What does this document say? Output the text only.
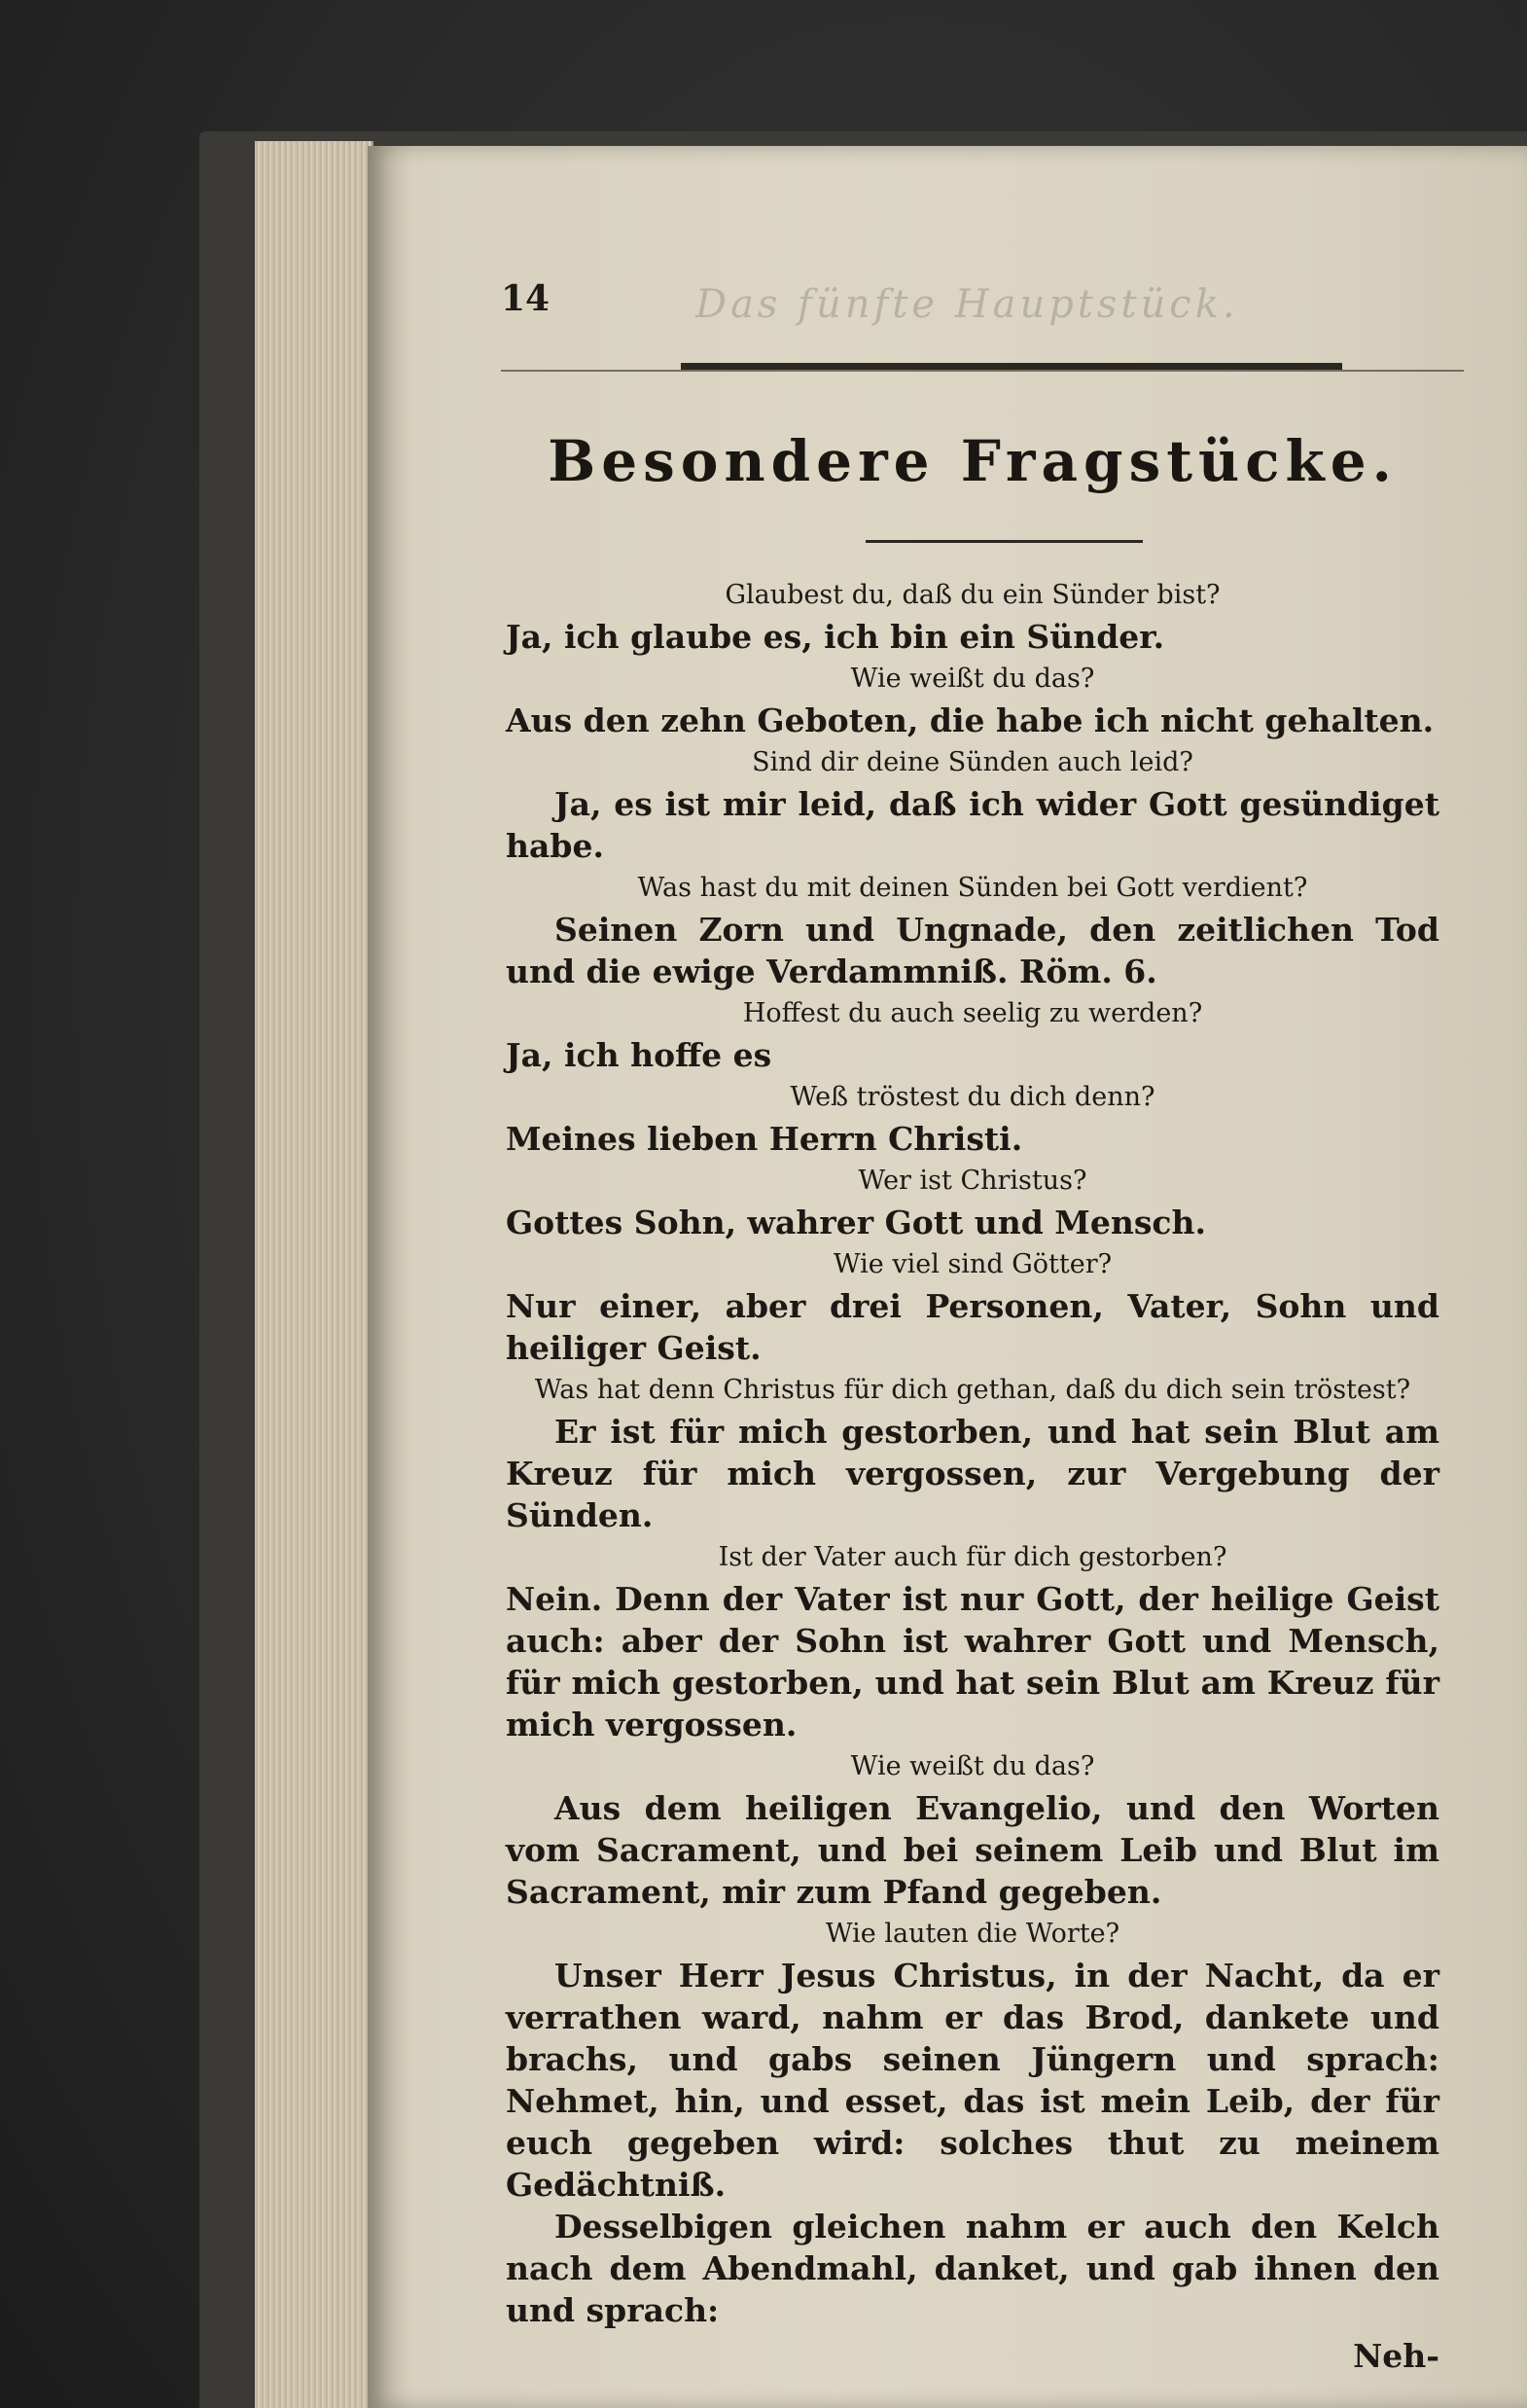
14	Das fünfte Hauptstück.
Besondere Fragstücke.

Glaubest du, daß du ein Sünder bist?

Ja, ich glaube es, ich bin ein Sünder.

Wie weißt du das?

Aus den zehn Geboten, die habe ich nicht gehalten.

Sind dir deine Sünden auch leid?

Ja, es ist mir leid, daß ich wider Gott gesündiget habe.

Was hast du mit deinen Sünden bei Gott verdient?

Seinen Zorn und Ungnade, den zeitlichen Tod und die ewige Verdammniß. Röm. 6.

Hoffest du auch seelig zu werden?

Ja, ich hoffe es

Weß tröstest du dich denn?

Meines lieben Herrn Christi.

Wer ist Christus?

Gottes Sohn, wahrer Gott und Mensch.

Wie viel sind Götter?

Nur einer, aber drei Personen, Vater, Sohn und heiliger Geist.

Was hat denn Christus für dich gethan, daß du dich sein tröstest?

Er ist für mich gestorben, und hat sein Blut am Kreuz für mich vergossen, zur Vergebung der Sünden.

Ist der Vater auch für dich gestorben?

Nein. Denn der Vater ist nur Gott, der heilige Geist auch: aber der Sohn ist wahrer Gott und Mensch, für mich gestorben, und hat sein Blut am Kreuz für mich vergossen.

Wie weißt du das?

Aus dem heiligen Evangelio, und den Worten vom Sacrament, und bei seinem Leib und Blut im Sacrament, mir zum Pfand gegeben.

Wie lauten die Worte?

Unser Herr Jesus Christus, in der Nacht, da er verrathen ward, nahm er das Brod, dankete und brachs, und gabs seinen Jüngern und sprach: Nehmet, hin, und esset, das ist mein Leib, der für euch gegeben wird: solches thut zu meinem Gedächtniß.

Desselbigen gleichen nahm er auch den Kelch nach dem Abendmahl, danket, und gab ihnen den und sprach:

Neh-
